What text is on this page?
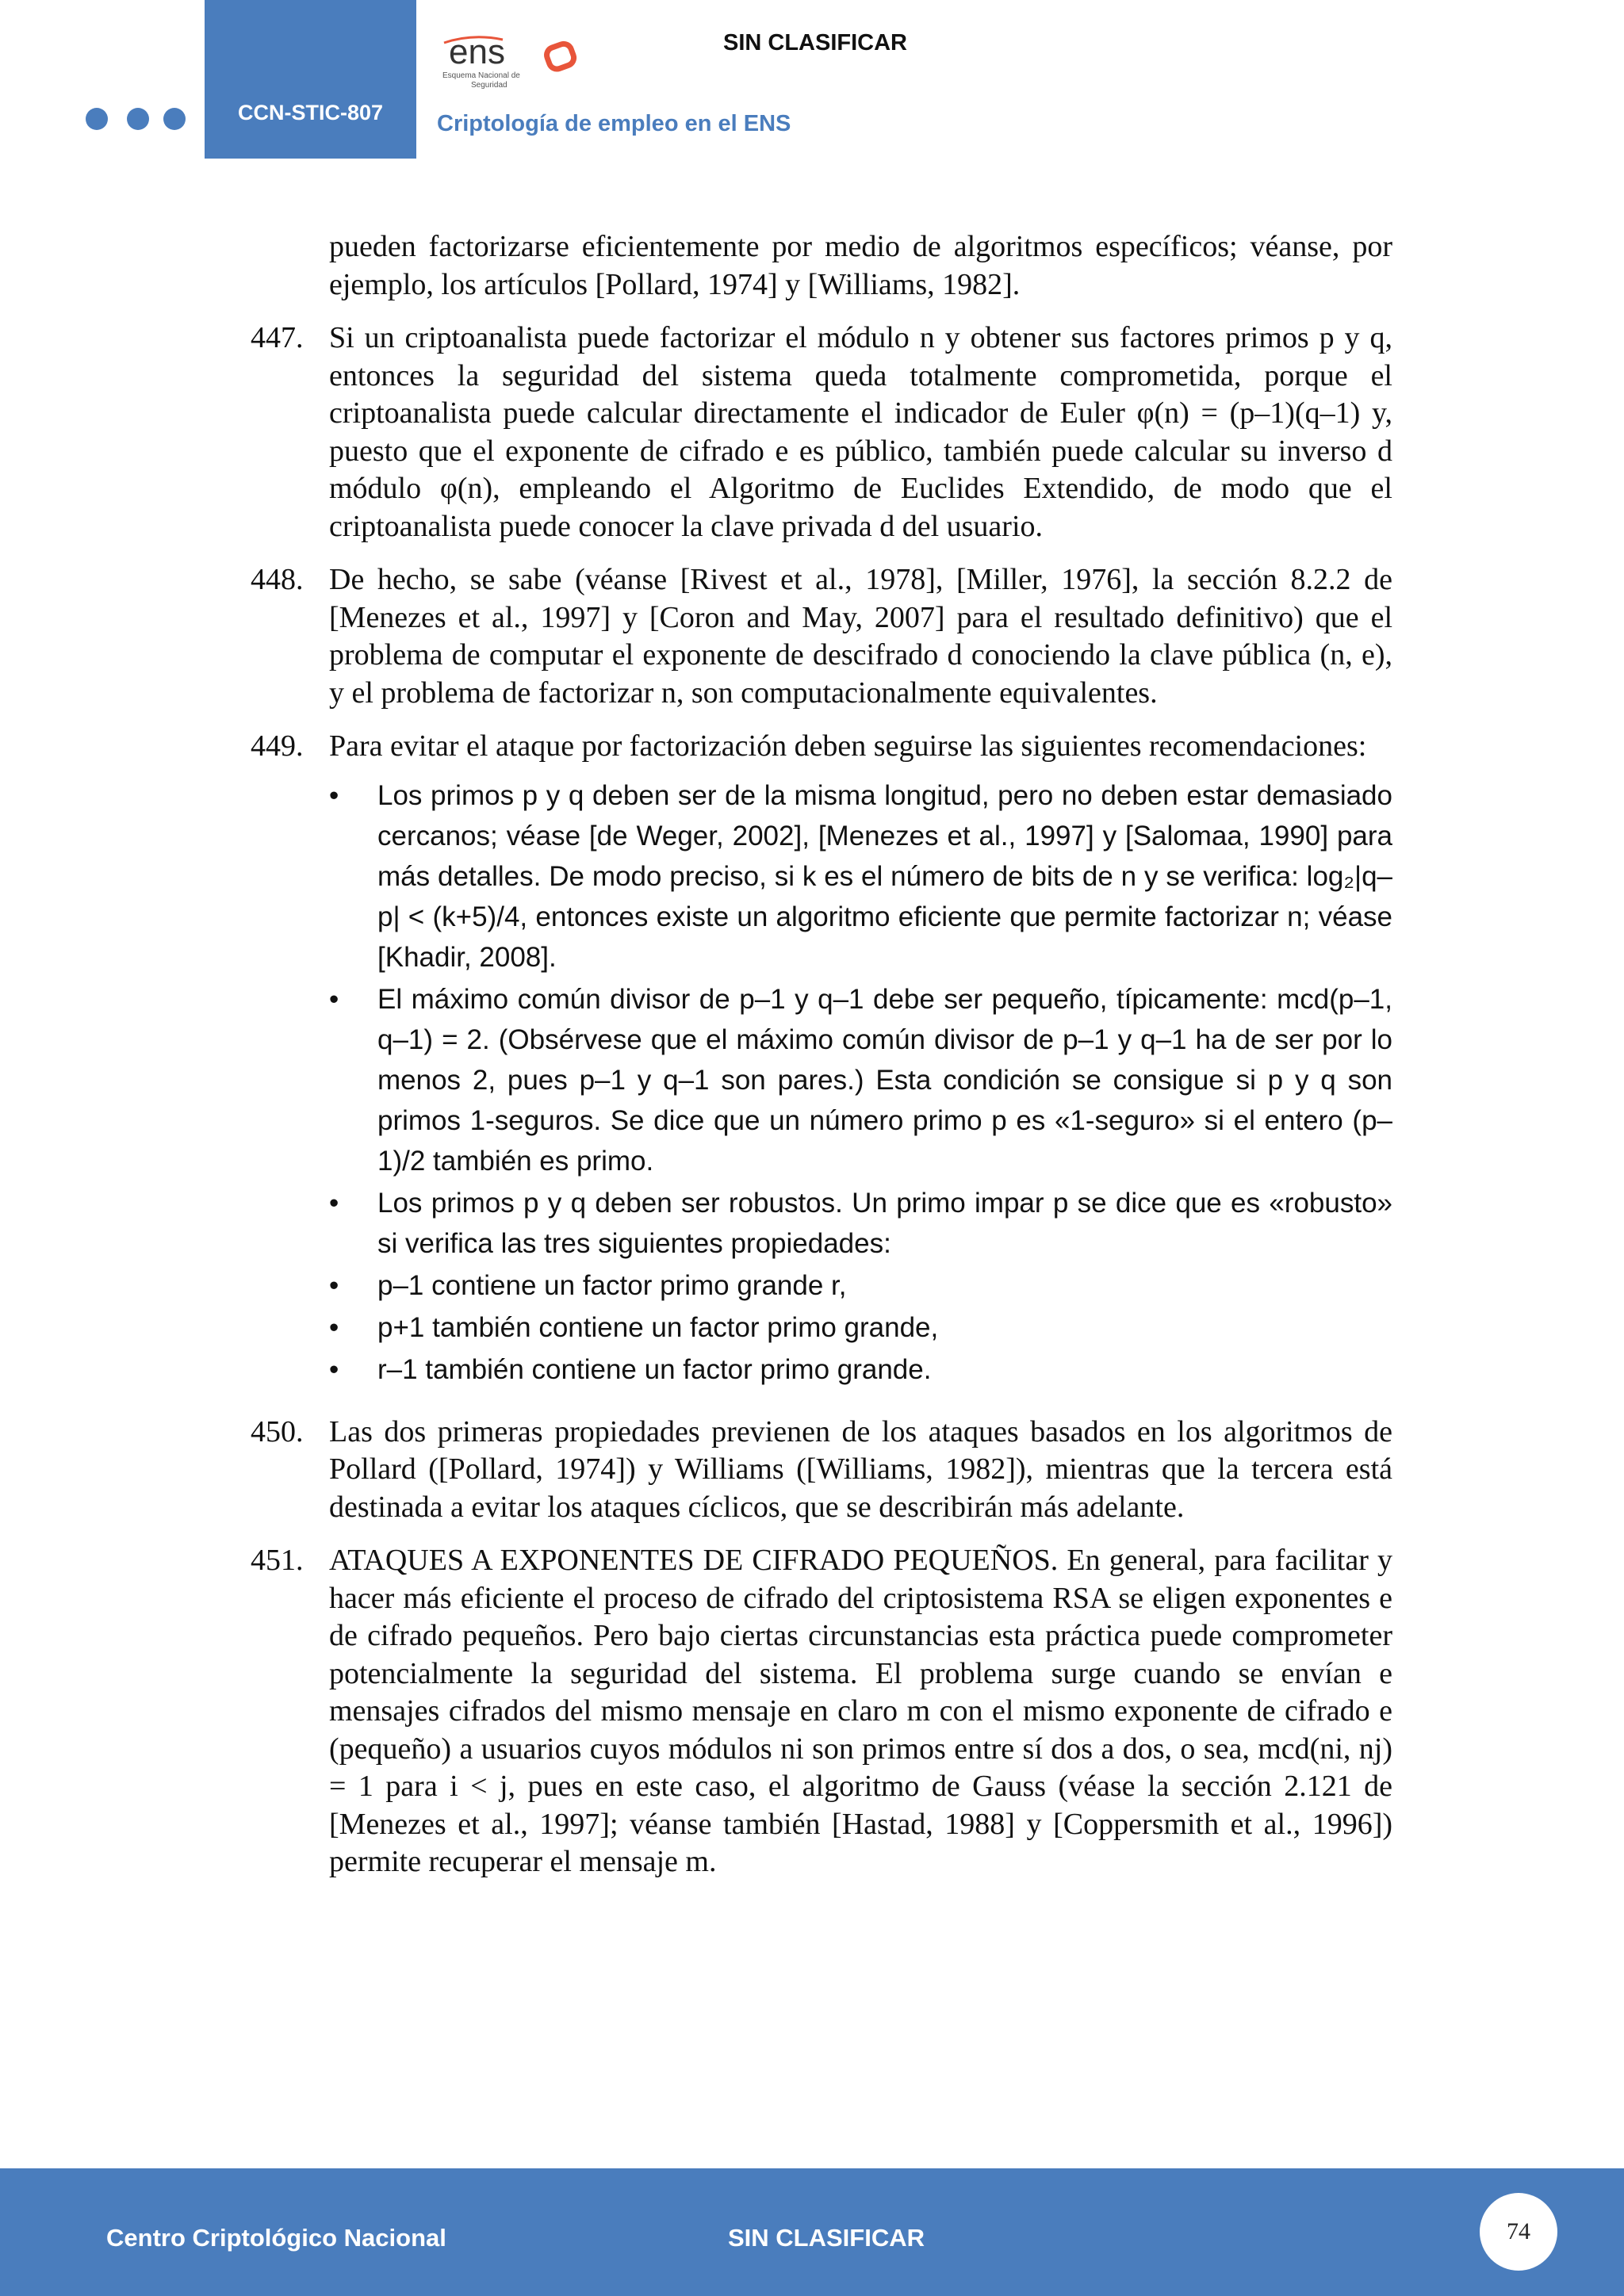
CCN-STIC-807
ens
Esquema Nacional de
Seguridad
SIN CLASIFICAR
Criptología de empleo en el ENS
pueden factorizarse eficientemente por medio de algoritmos específicos; véanse, por ejemplo, los artículos [Pollard, 1974] y [Williams, 1982].
447. Si un criptoanalista puede factorizar el módulo n y obtener sus factores primos p y q, entonces la seguridad del sistema queda totalmente comprometida, porque el criptoanalista puede calcular directamente el indicador de Euler φ(n) = (p–1)(q–1) y, puesto que el exponente de cifrado e es público, también puede calcular su inverso d módulo φ(n), empleando el Algoritmo de Euclides Extendido, de modo que el criptoanalista puede conocer la clave privada d del usuario.
448. De hecho, se sabe (véanse [Rivest et al., 1978], [Miller, 1976], la sección 8.2.2 de [Menezes et al., 1997] y [Coron and May, 2007] para el resultado definitivo) que el problema de computar el exponente de descifrado d conociendo la clave pública (n, e), y el problema de factorizar n, son computacionalmente equivalentes.
449. Para evitar el ataque por factorización deben seguirse las siguientes recomendaciones:
• Los primos p y q deben ser de la misma longitud, pero no deben estar demasiado cercanos; véase [de Weger, 2002], [Menezes et al., 1997] y [Salomaa, 1990] para más detalles. De modo preciso, si k es el número de bits de n y se verifica: log₂|q–p| < (k+5)/4, entonces existe un algoritmo eficiente que permite factorizar n; véase [Khadir, 2008].
• El máximo común divisor de p–1 y q–1 debe ser pequeño, típicamente: mcd(p–1, q–1) = 2. (Obsérvese que el máximo común divisor de p–1 y q–1 ha de ser por lo menos 2, pues p–1 y q–1 son pares.) Esta condición se consigue si p y q son primos 1-seguros. Se dice que un número primo p es «1-seguro» si el entero (p–1)/2 también es primo.
• Los primos p y q deben ser robustos. Un primo impar p se dice que es «robusto» si verifica las tres siguientes propiedades:
• p–1 contiene un factor primo grande r,
• p+1 también contiene un factor primo grande,
• r–1 también contiene un factor primo grande.
450. Las dos primeras propiedades previenen de los ataques basados en los algoritmos de Pollard ([Pollard, 1974]) y Williams ([Williams, 1982]), mientras que la tercera está destinada a evitar los ataques cíclicos, que se describirán más adelante.
451. ATAQUES A EXPONENTES DE CIFRADO PEQUEÑOS. En general, para facilitar y hacer más eficiente el proceso de cifrado del criptosistema RSA se eligen exponentes e de cifrado pequeños. Pero bajo ciertas circunstancias esta práctica puede comprometer potencialmente la seguridad del sistema. El problema surge cuando se envían e mensajes cifrados del mismo mensaje en claro m con el mismo exponente de cifrado e (pequeño) a usuarios cuyos módulos ni son primos entre sí dos a dos, o sea, mcd(ni, nj) = 1 para i < j, pues en este caso, el algoritmo de Gauss (véase la sección 2.121 de [Menezes et al., 1997]; véanse también [Hastad, 1988] y [Coppersmith et al., 1996]) permite recuperar el mensaje m.
Centro Criptológico Nacional	SIN CLASIFICAR	74
